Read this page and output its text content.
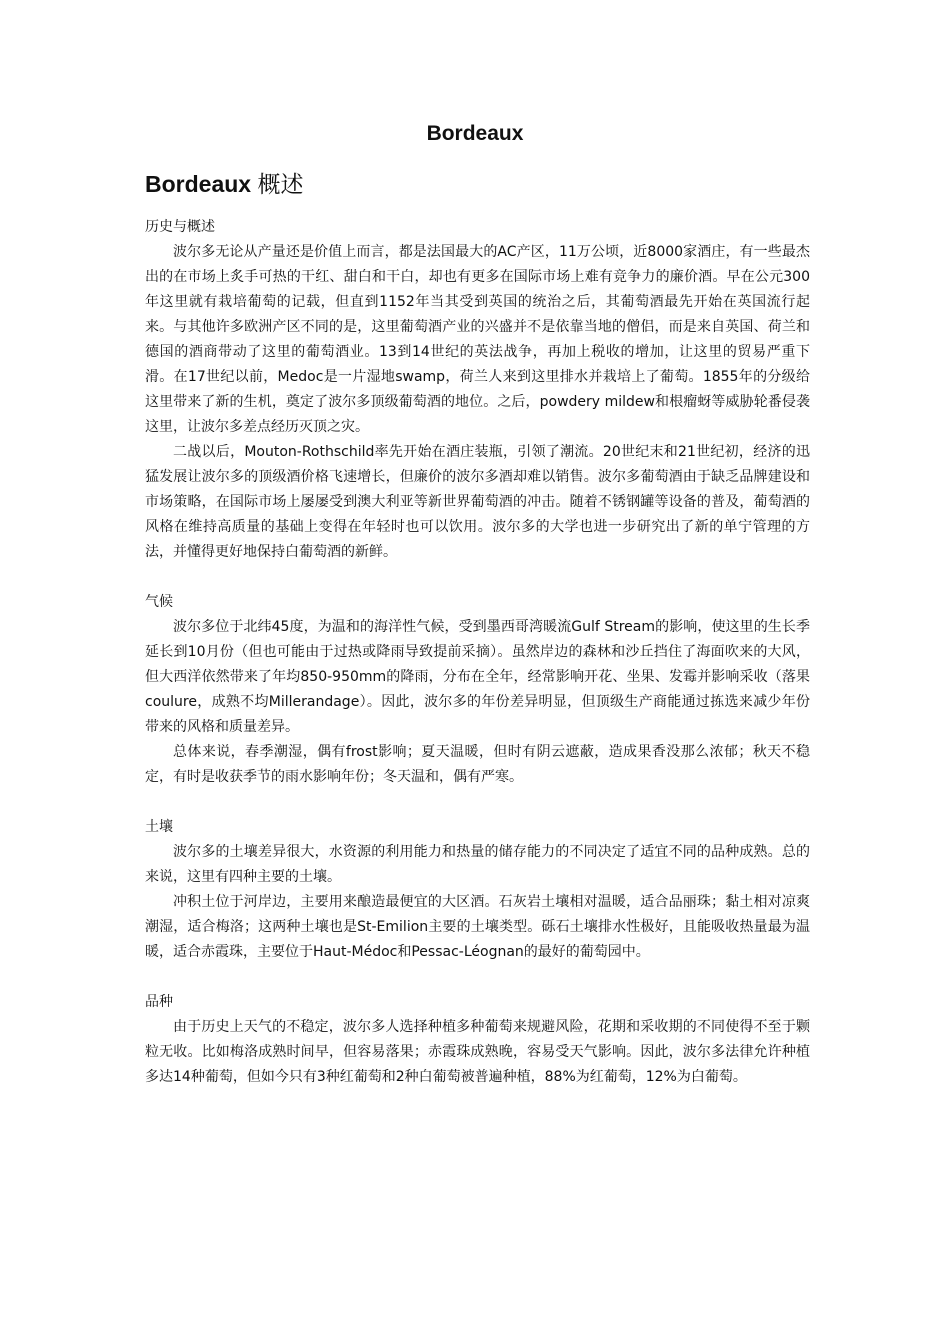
Bordeaux
Bordeaux 概述

历史与概述

波尔多无论从产量还是价值上而言，都是法国最大的AC产区，11万公顷，近8000家酒庄，有一些最杰出的在市场上炙手可热的干红、甜白和干白，却也有更多在国际市场上难有竞争力的廉价酒。早在公元300年这里就有栽培葡萄的记载，但直到1152年当其受到英国的统治之后，其葡萄酒最先开始在英国流行起来。与其他许多欧洲产区不同的是，这里葡萄酒产业的兴盛并不是依靠当地的僧侣，而是来自英国、荷兰和德国的酒商带动了这里的葡萄酒业。13到14世纪的英法战争，再加上税收的增加，让这里的贸易严重下滑。在17世纪以前，Medoc是一片湿地swamp，荷兰人来到这里排水并栽培上了葡萄。1855年的分级给这里带来了新的生机，奠定了波尔多顶级葡萄酒的地位。之后，powdery mildew和根瘤蚜等威胁轮番侵袭这里，让波尔多差点经历灭顶之灾。

二战以后，Mouton-Rothschild率先开始在酒庄装瓶，引领了潮流。20世纪末和21世纪初，经济的迅猛发展让波尔多的顶级酒价格飞速增长，但廉价的波尔多酒却难以销售。波尔多葡萄酒由于缺乏品牌建设和市场策略，在国际市场上屡屡受到澳大利亚等新世界葡萄酒的冲击。随着不锈钢罐等设备的普及，葡萄酒的风格在维持高质量的基础上变得在年轻时也可以饮用。波尔多的大学也进一步研究出了新的单宁管理的方法，并懂得更好地保持白葡萄酒的新鲜。

气候

波尔多位于北纬45度，为温和的海洋性气候，受到墨西哥湾暖流Gulf Stream的影响，使这里的生长季延长到10月份（但也可能由于过热或降雨导致提前采摘）。虽然岸边的森林和沙丘挡住了海面吹来的大风，但大西洋依然带来了年均850-950mm的降雨，分布在全年，经常影响开花、坐果、发霉并影响采收（落果coulure，成熟不均Millerandage）。因此，波尔多的年份差异明显，但顶级生产商能通过拣选来减少年份带来的风格和质量差异。

总体来说，春季潮湿，偶有frost影响；夏天温暖，但时有阴云遮蔽，造成果香没那么浓郁；秋天不稳定，有时是收获季节的雨水影响年份；冬天温和，偶有严寒。

土壤

波尔多的土壤差异很大，水资源的利用能力和热量的储存能力的不同决定了适宜不同的品种成熟。总的来说，这里有四种主要的土壤。

冲积土位于河岸边，主要用来酿造最便宜的大区酒。石灰岩土壤相对温暖，适合品丽珠；黏土相对凉爽潮湿，适合梅洛；这两种土壤也是St-Emilion主要的土壤类型。砾石土壤排水性极好，且能吸收热量最为温暖，适合赤霞珠，主要位于Haut-Médoc和Pessac-Léognan的最好的葡萄园中。

品种

由于历史上天气的不稳定，波尔多人选择种植多种葡萄来规避风险，花期和采收期的不同使得不至于颗粒无收。比如梅洛成熟时间早，但容易落果；赤霞珠成熟晚，容易受天气影响。因此，波尔多法律允许种植多达14种葡萄，但如今只有3种红葡萄和2种白葡萄被普遍种植，88%为红葡萄，12%为白葡萄。
